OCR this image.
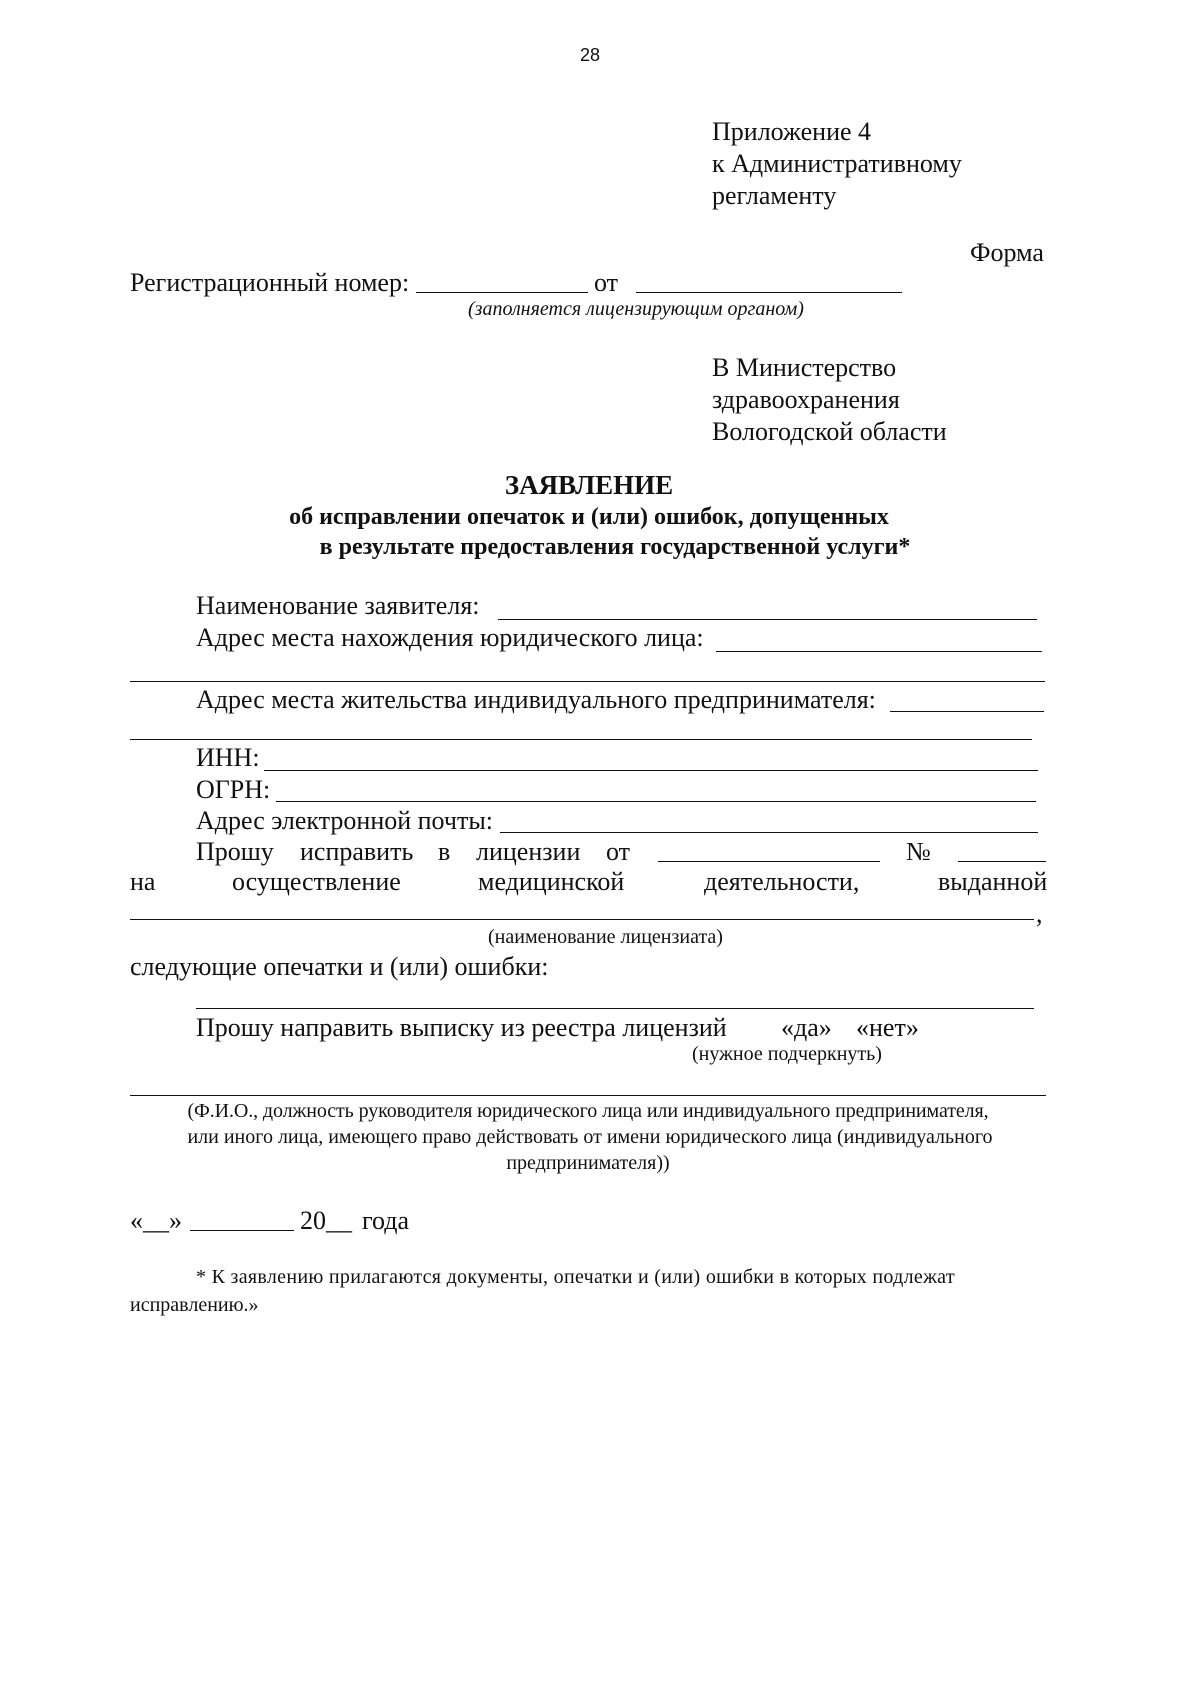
28
Приложение 4
к Административному
регламенту
Форма
Регистрационный номер:	от
(заполняется лицензирующим органом)
В Министерство
здравоохранения
Вологодской области
ЗАЯВЛЕНИЕ
об исправлении опечаток и (или) ошибок, допущенных
в результате предоставления государственной услуги*
Наименование заявителя:
Адрес места нахождения юридического лица:
Адрес места жительства индивидуального предпринимателя:
ИНН:
ОГРН:
Адрес электронной почты:
Прошу исправить в лицензии от	№
на	осуществление	медицинской	деятельности,	выданной
,
(наименование лицензиата)
следующие опечатки и (или) ошибки:
Прошу направить выписку из реестра лицензий «да» «нет»
(нужное подчеркнуть)
(Ф.И.О., должность руководителя юридического лица или индивидуального предпринимателя,
или иного лица, имеющего право действовать от имени юридического лица (индивидуального
предпринимателя))
«__»	20__ года
* К заявлению прилагаются документы, опечатки и (или) ошибки в которых подлежат
исправлению.»
